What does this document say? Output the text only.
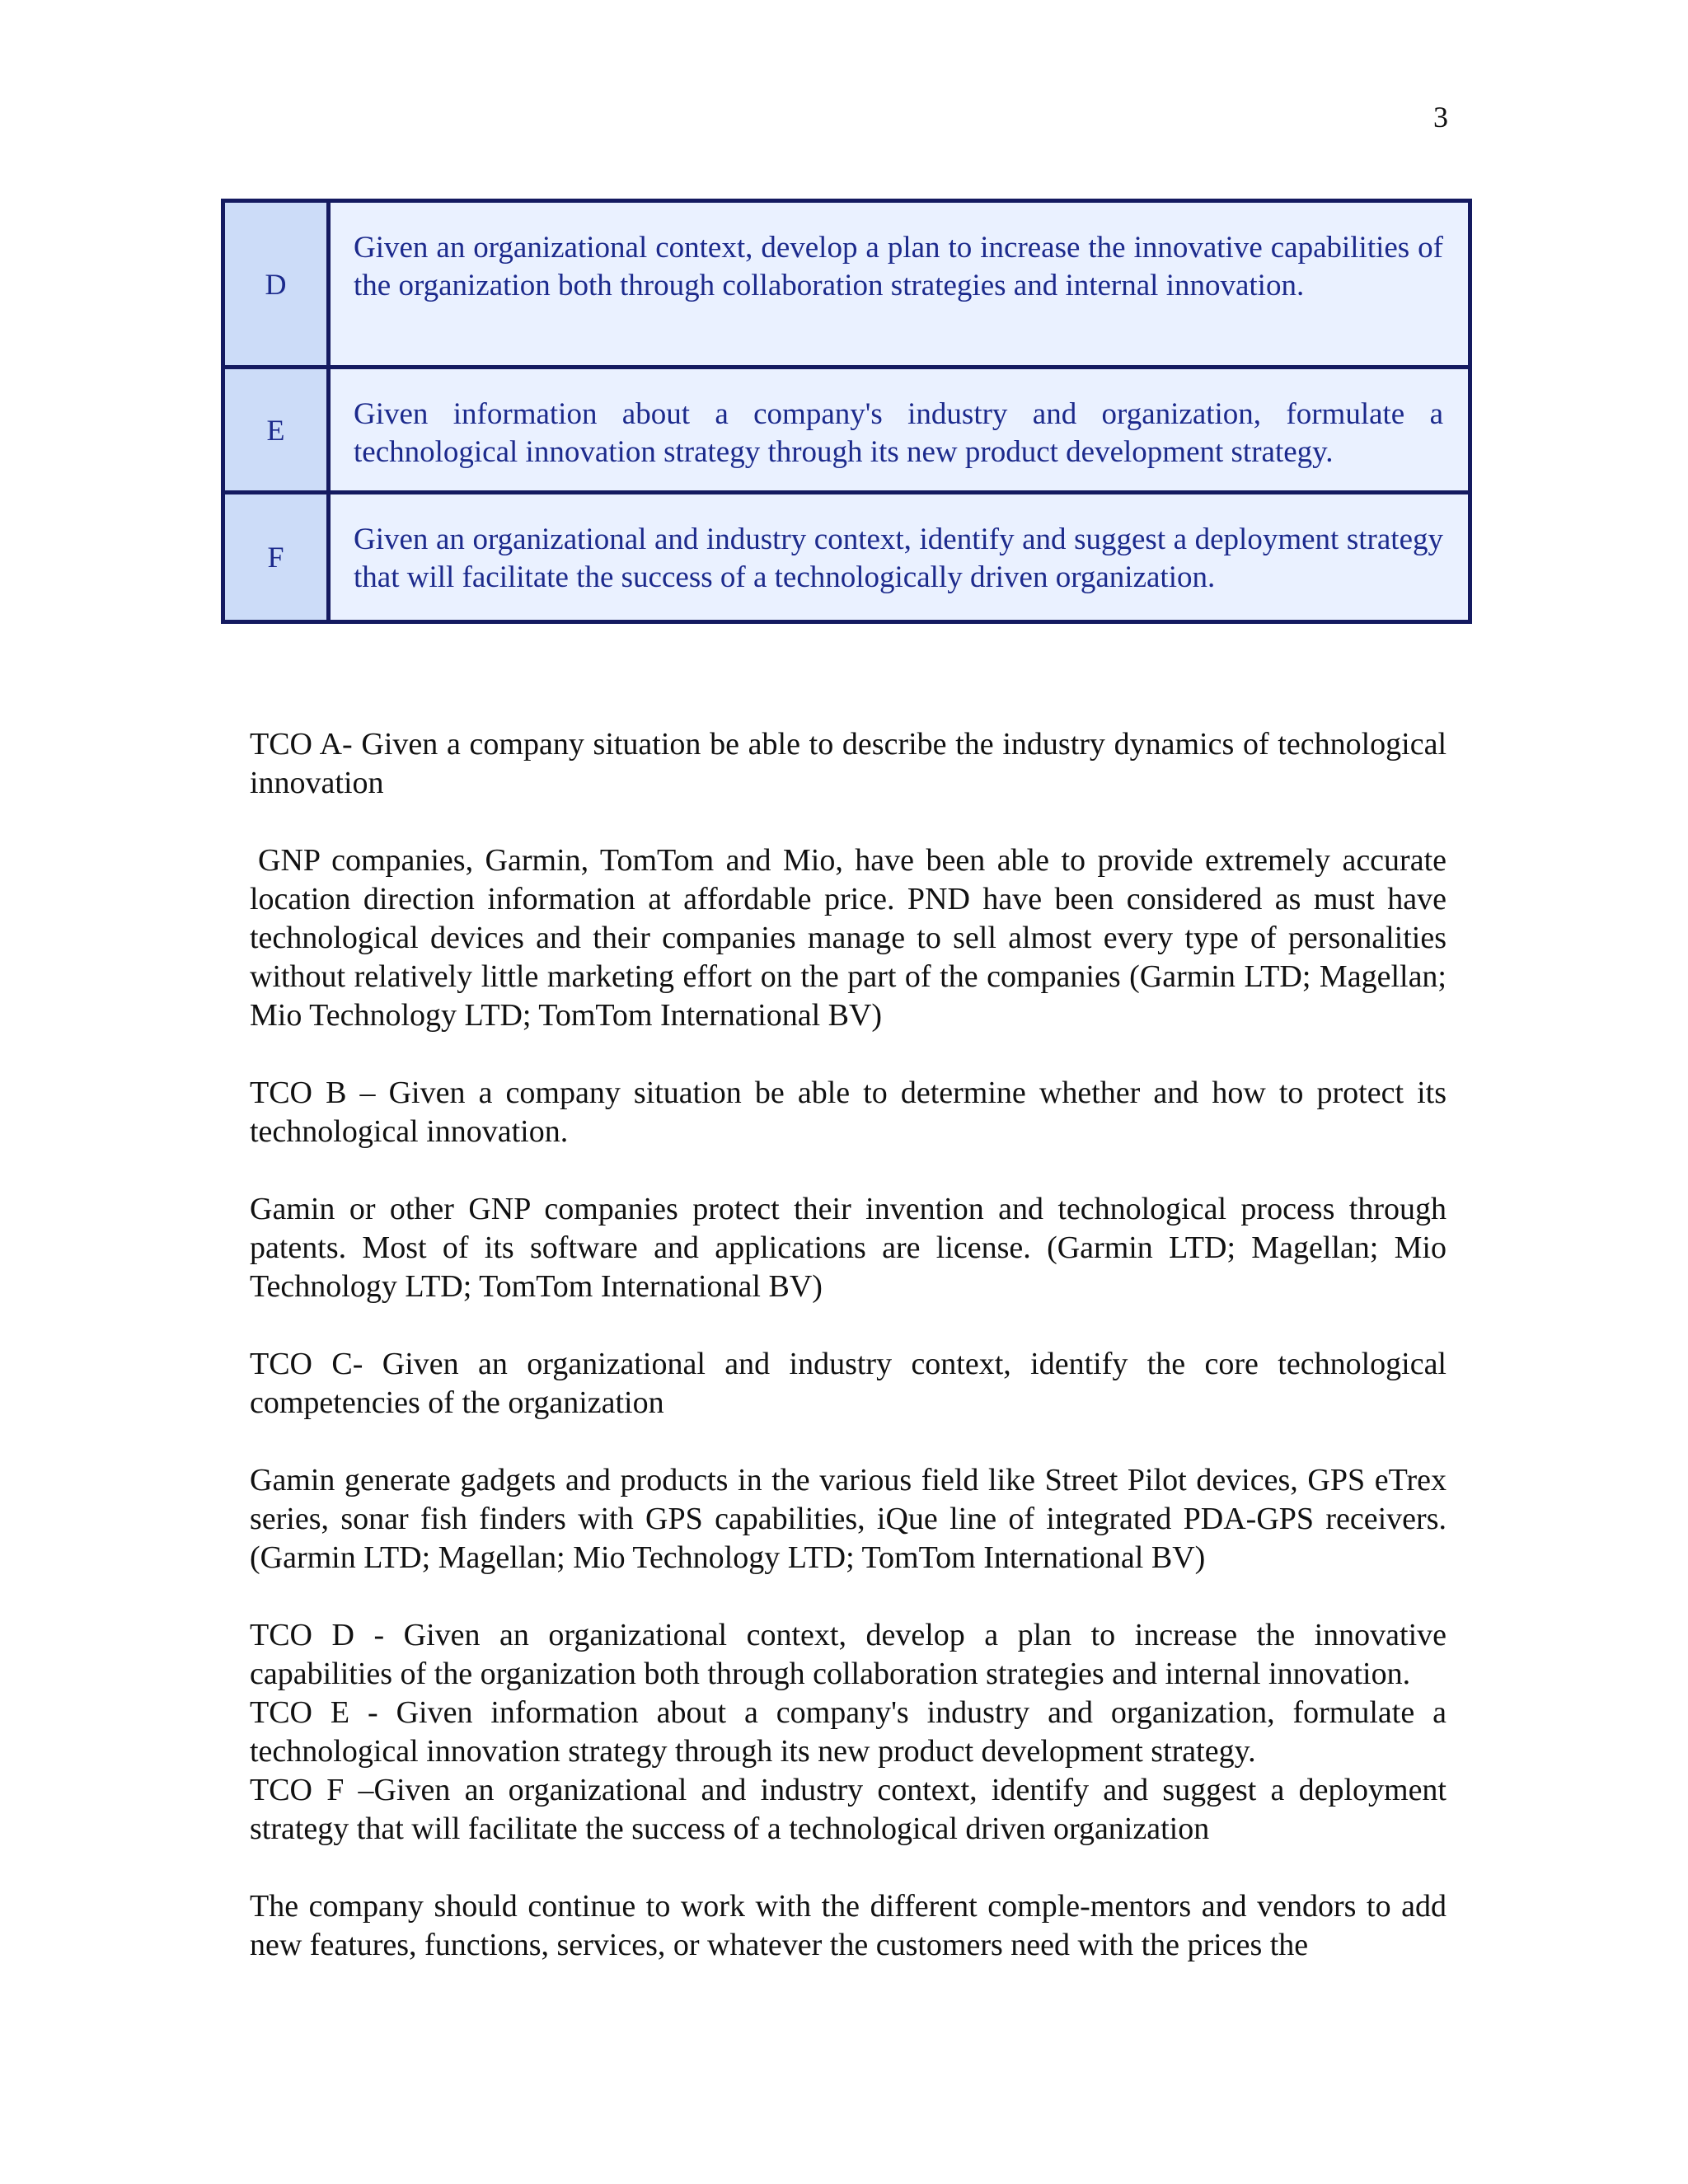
3
D
Given an organizational context, develop a plan to increase the innovative capabilities of the organization both through collaboration strategies and internal innovation.
E	Given information about a company's industry and organization, formulate a technological innovation strategy through its new product development strategy.
F
Given an organizational and industry context, identify and suggest a deployment strategy that will facilitate the success of a technologically driven organization.

TCO A- Given a company situation be able to describe the industry dynamics of technological innovation

GNP companies, Garmin, TomTom and Mio, have been able to provide extremely accurate location direction information at affordable price. PND have been considered as must have technological devices and their companies manage to sell almost every type of personalities without relatively little marketing effort on the part of the companies (Garmin LTD; Magellan; Mio Technology LTD; TomTom International BV)

TCO B – Given a company situation be able to determine whether and how to protect its technological innovation.

Gamin or other GNP companies protect their invention and technological process through patents. Most of its software and applications are license. (Garmin LTD; Magellan; Mio Technology LTD; TomTom International BV)

TCO C- Given an organizational and industry context, identify the core technological competencies of the organization

Gamin generate gadgets and products in the various field like Street Pilot devices, GPS eTrex series, sonar fish finders with GPS capabilities, iQue line of integrated PDA-GPS receivers. (Garmin LTD; Magellan; Mio Technology LTD; TomTom International BV)

TCO D - Given an organizational context, develop a plan to increase the innovative capabilities of the organization both through collaboration strategies and internal innovation.

TCO E - Given information about a company's industry and organization, formulate a technological innovation strategy through its new product development strategy.

TCO F –Given an organizational and industry context, identify and suggest a deployment strategy that will facilitate the success of a technological driven organization

The company should continue to work with the different comple-mentors and vendors to add new features, functions, services, or whatever the customers need with the prices the
